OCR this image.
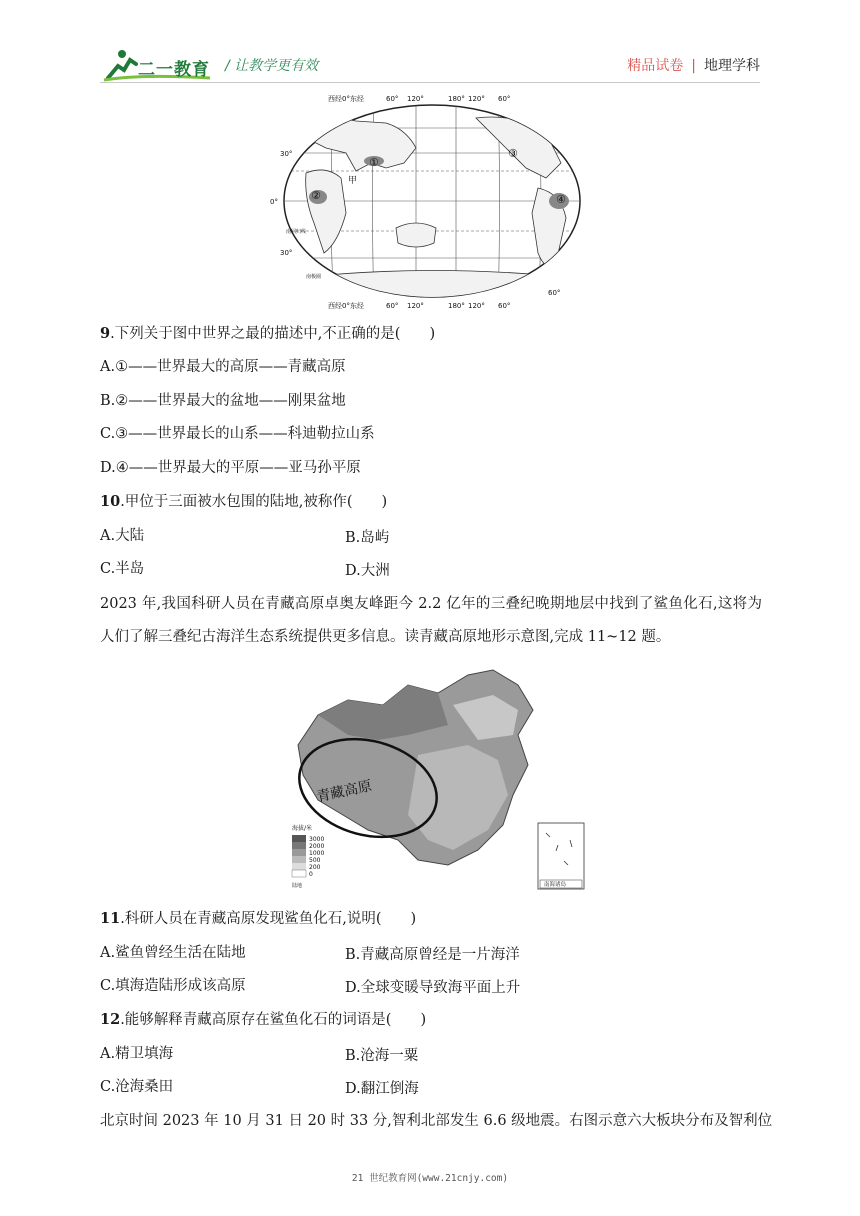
二一教育 / 让教学更有效	精品试卷 | 地理学科
①
②
③
④
甲
西经0°东经	60° 120°	180° 120° 60°
西经0°东经	60° 120°	180° 120° 60°
30°
0°
30°
60°
南回归线
南极圈
9.下列关于图中世界之最的描述中,不正确的是(　　)
A.①——世界最大的高原——青藏高原
B.②——世界最大的盆地——刚果盆地
C.③——世界最长的山系——科迪勒拉山系
D.④——世界最大的平原——亚马孙平原
10.甲位于三面被水包围的陆地,被称作(　　)
A.大陆	B.岛屿
C.半岛	D.大洲
2023 年,我国科研人员在青藏高原卓奥友峰距今 2.2 亿年的三叠纪晚期地层中找到了鲨鱼化石,这将为人们了解三叠纪古海洋生态系统提供更多信息。读青藏高原地形示意图,完成 11~12 题。
青藏高原
海拔/米
3000
2000
1000
500
200
0
陆地	南海诸岛
11.科研人员在青藏高原发现鲨鱼化石,说明(　　)
A.鲨鱼曾经生活在陆地	B.青藏高原曾经是一片海洋
C.填海造陆形成该高原	D.全球变暖导致海平面上升
12.能够解释青藏高原存在鲨鱼化石的词语是(　　)
A.精卫填海	B.沧海一粟
C.沧海桑田	D.翻江倒海
北京时间 2023 年 10 月 31 日 20 时 33 分,智利北部发生 6.6 级地震。右图示意六大板块分布及智利位
21 世纪教育网(www.21cnjy.com)
